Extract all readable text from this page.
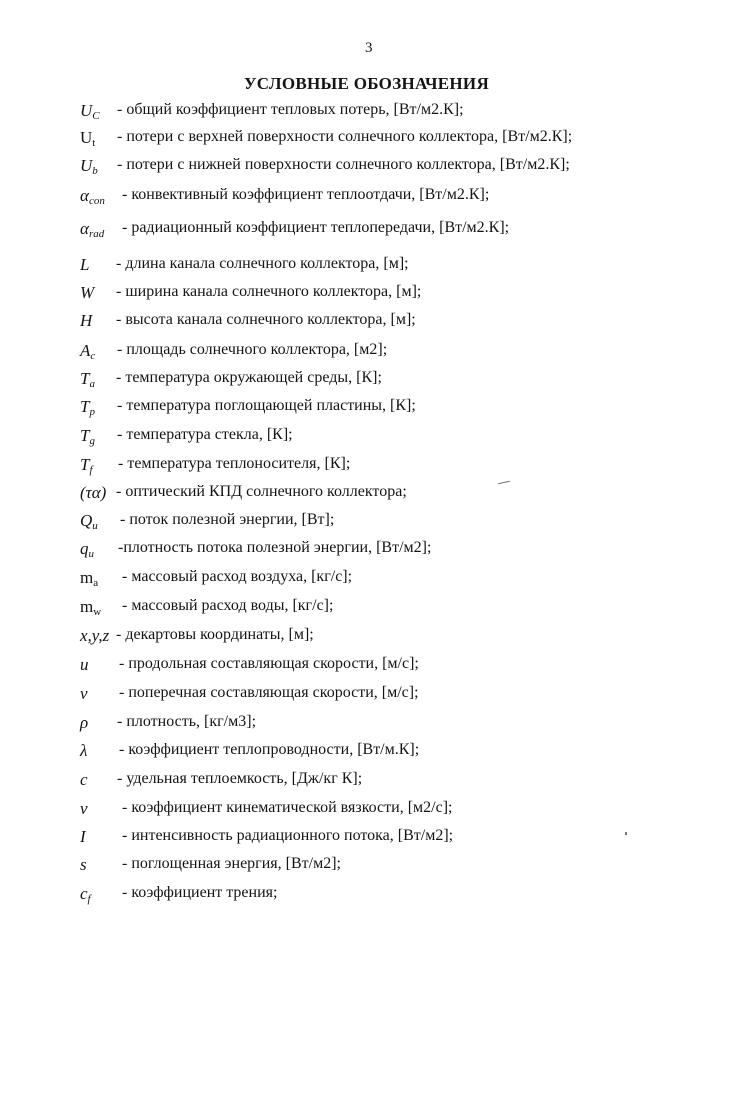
3
УСЛОВНЫЕ ОБОЗНАЧЕНИЯ
$U_C$ - общий коэффициент тепловых потерь, [Вт/м2.К];
$U_t$ - потери с верхней поверхности солнечного коллектора, [Вт/м2.К];
$U_b$ - потери с нижней поверхности солнечного коллектора, [Вт/м2.К];
$\alpha_{con}$ - конвективный коэффициент теплоотдачи, [Вт/м2.К];
$\alpha_{rad}$ - радиационный коэффициент теплопередачи, [Вт/м2.К];
L - длина канала солнечного коллектора, [м];
W - ширина канала солнечного коллектора, [м];
H - высота канала солнечного коллектора, [м];
$A_c$ - площадь солнечного коллектора, [м2];
$T_a$ - температура окружающей среды, [К];
$T_p$ - температура поглощающей пластины, [К];
$T_g$ - температура стекла, [К];
$T_f$ - температура теплоносителя, [К];
(τα) - оптический КПД солнечного коллектора;
$Q_u$ - поток полезной энергии, [Вт];
$q_u$ -плотность потока полезной энергии, [Вт/м2];
$m_a$ - массовый расход воздуха, [кг/с];
$m_w$ - массовый расход воды, [кг/с];
x,y,z - декартовы координаты, [м];
u - продольная составляющая скорости, [м/с];
v - поперечная составляющая скорости, [м/с];
ρ - плотность, [кг/м3];
λ - коэффициент теплопроводности, [Вт/м.К];
c - удельная теплоемкость, [Дж/кг К];
v - коэффициент кинематической вязкости, [м2/с];
I - интенсивность радиационного потока, [Вт/м2];
s - поглощенная энергия, [Вт/м2];
$c_f$ - коэффициент трения;
